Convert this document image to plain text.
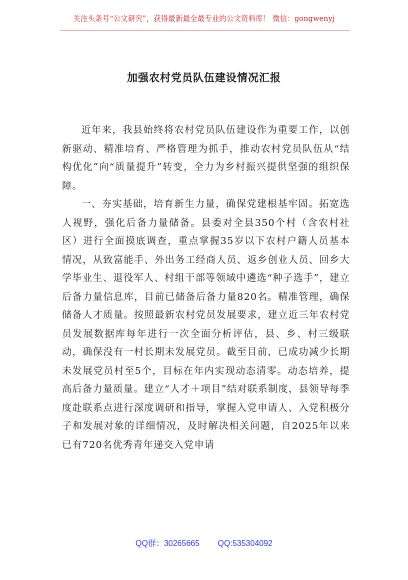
关注头条号“公文研究”，获得最新最全最专业的公文资料库！ 微信：gongwenyj
加强农村党员队伍建设情况汇报

近年来，我县始终将农村党员队伍建设作为重要工作，以创新驱动、精准培育、严格管理为抓手，推动农村党员队伍从“结构优化”向“质量提升”转变，全力为乡村振兴提供坚强的组织保障。

一、夯实基础，培育新生力量，确保党建根基牢固。拓宽选人视野，强化后备力量储备。县委对全县350个村（含农村社区）进行全面摸底调查，重点掌握35岁以下农村户籍人员基本情况，从致富能手、外出务工经商人员、返乡创业人员、回乡大学毕业生、退役军人、村组干部等领域中遴选“种子选手”，建立后备力量信息库，目前已储备后备力量820名。精准管理，确保储备人才质量。按照最新农村党员发展要求，建立近三年农村党员发展数据库每年进行一次全面分析评估，县、乡、村三级联动，确保没有一村长期未发展党员。截至目前，已成功减少长期未发展党员村至5个，目标在年内实现动态清零。动态培养，提高后备力量质量。建立“人才＋项目”结对联系制度，县领导每季度赴联系点进行深度调研和指导，掌握入党申请人、入党积极分子和发展对象的详细情况，及时解决相关问题，自2025年以来已有720名优秀青年递交入党申请

QQ群：30265665 QQ:535304092
